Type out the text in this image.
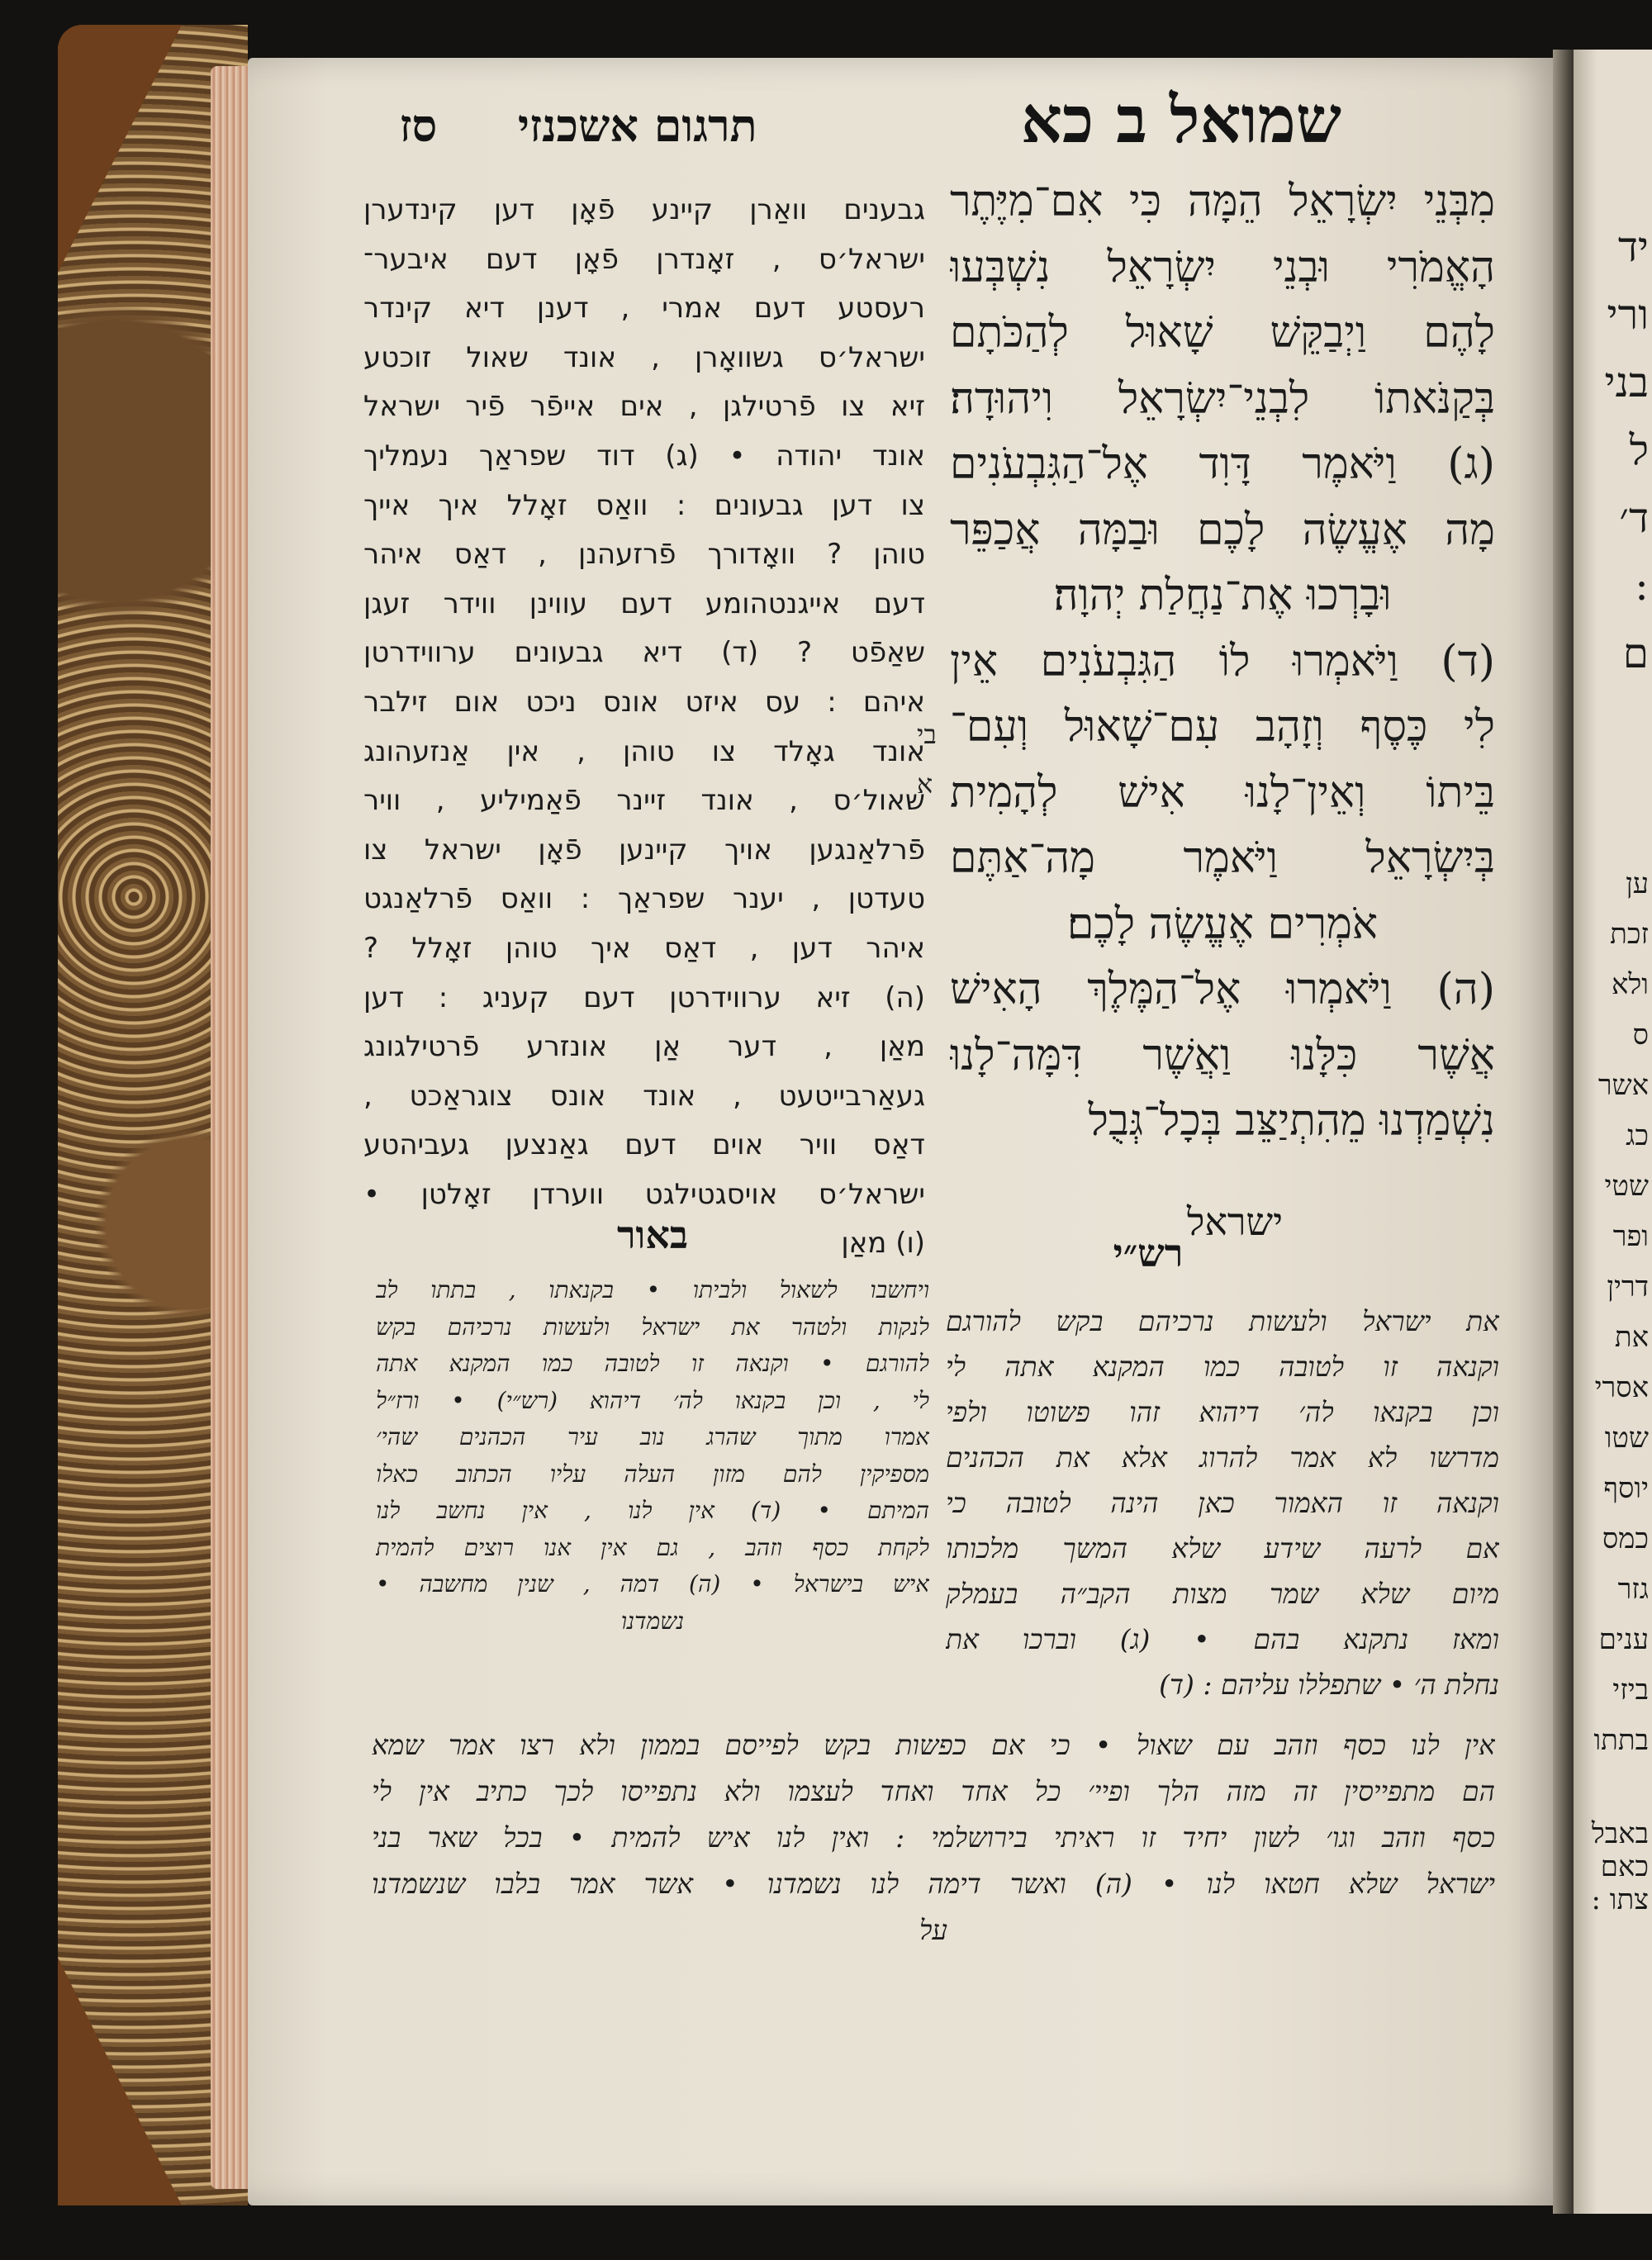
יד
ורי
בני
ל
ד׳
:
ם
ען
זכת
ולא
ס
אשר
כג
שטי
ופר
דרין
את
אסרי
שטו
יוסף
כמס
גזר
ענים
ביזי
בתתו
באבל
כאם
צתו :
שמואל ב כא
תרגום אשכנזי  סז
מִבְּנֵי יִשְׂרָאֵל הֵמָּה כִּי אִם־מִיֶּתֶר
הָאֱמֹרִי וּבְנֵי יִשְׂרָאֵל נִשְׁבְּעוּ
לָהֶם וַיְבַקֵּשׁ שָׁאוּל לְהַכֹּתָם
בְּקַנֹּאתוֹ לִבְנֵי־יִשְׂרָאֵל וִיהוּדָה׃
(ג) וַיֹּאמֶר דָּוִד אֶל־הַגִּבְעֹנִים
מָה אֶעֱשֶׂה לָכֶם וּבַמָּה אֲכַפֵּר
וּבָרְכוּ אֶת־נַחֲלַת יְהוָה׃
(ד) וַיֹּאמְרוּ לוֹ הַגִּבְעֹנִים אֵין
לִי כֶּסֶף וְזָהָב עִם־שָׁאוּל וְעִם־
בֵּיתוֹ וְאֵין־לָנוּ אִישׁ לְהָמִית
בְּיִשְׂרָאֵל וַיֹּאמֶר מָה־אַתֶּם
אֹמְרִים אֶעֱשֶׂה לָכֶם׃
(ה) וַיֹּאמְרוּ אֶל־הַמֶּלֶךְ הָאִישׁ
אֲשֶׁר כִּלָּנוּ וַאֲשֶׁר דִּמָּה־לָנוּ
נִשְׁמַדְנוּ מֵהִתְיַצֵּב בְּכָל־גְּבֻל
ישראל
גבענים וואַרן קיינע פֿאָן דען קינדערן
ישראל׳ס , זאָנדרן פֿאָן דעם איבער־
רעסטע דעם אמרי , דענן דיא קינדר
ישראל׳ס גשוואָרן , אונד שאול זוכטע
זיא צו פֿרטילגן , אים אייפֿר פֿיר ישראל
אונד יהודה • (ג) דוד שפראַך נעמליך
צו דען גבעונים : וואַס זאָלל איך אייך
טוהן ? וואָדורך פֿרזעהנן , דאַס איהר
דעם אייגנטהומע דעם עווינן ווידר זעגן
שאַפֿט ? (ד) דיא גבעונים ערווידרטן
איהם : עס איזט אונס ניכט אום זילבר
אונד גאָלד צו טוהן , אין אַנזעהונג
שאול׳ס , אונד זיינר פֿאַמיליע , וויר
פֿרלאַנגען אויך קיינען פֿאָן ישראל צו
טעדטן , יענר שפראַך : וואַס פֿרלאַנגט
איהר דען , דאַס איך טוהן זאָלל ?
(ה) זיא ערווידרטן דעם קעניג : דען
מאַן , דער אַן אונזרע פֿרטילגונג
געאַרבייטעט , אונד אונס צוגראַכט ,
דאַס וויר אוים דעם גאַנצען געביהטע
ישראל׳ס אויסגטילגט ווערדן זאָלטן •
(ו) מאַן
בי
א
באור
ויחשבו לשאול ולביתו • בקנאתו , בתתו לב
לנקות ולטהר את ישראל ולעשות נרכיהם בקש
להורגם • וקנאה זו לטובה כמו המקנא אתה
לי , וכן בקנאו לה׳ דיהוא (רש״י) • ורז״ל
אמרו מתוך שהרג נוב עיר הכהנים שהי׳
מספיקין להם מזון העלה עליו הכתוב כאלו
המיתם • (ד) אין לנו , אין נחשב לנו
לקחת כסף וזהב , גם אין אנו רוצים להמית
איש בישראל • (ה) דמה , שנין מחשבה •
נשמדנו
רש״י
את ישראל ולעשות נרכיהם בקש להורגם
וקנאה זו לטובה כמו המקנא אתה לי
וכן בקנאו לה׳ דיהוא זהו פשוטו ולפי
מדרשו לא אמר להרוג אלא את הכהנים
וקנאה זו האמור כאן הינה לטובה כי
אם לרעה שידע שלא המשך מלכותו
מיום שלא שמר מצות הקב״ה בעמלק
ומאז נתקנא בהם • (ג) וברכו את
נחלת ה׳ • שתפללו עליהם : (ד)
אין לנו כסף וזהב עם שאול • כי אם כפשות בקש לפייסם בממון ולא רצו אמר שמא
הם מתפייסין זה מזה הלך ופיי׳ כל אחד ואחד לעצמו ולא נתפייסו לכך כתיב אין לי
כסף וזהב וגו׳ לשון יחיד זו ראיתי בירושלמי : ואין לנו איש להמית • בכל שאר בני
ישראל שלא חטאו לנו • (ה) ואשר דימה לנו נשמדנו • אשר אמר בלבו שנשמדנו
על
